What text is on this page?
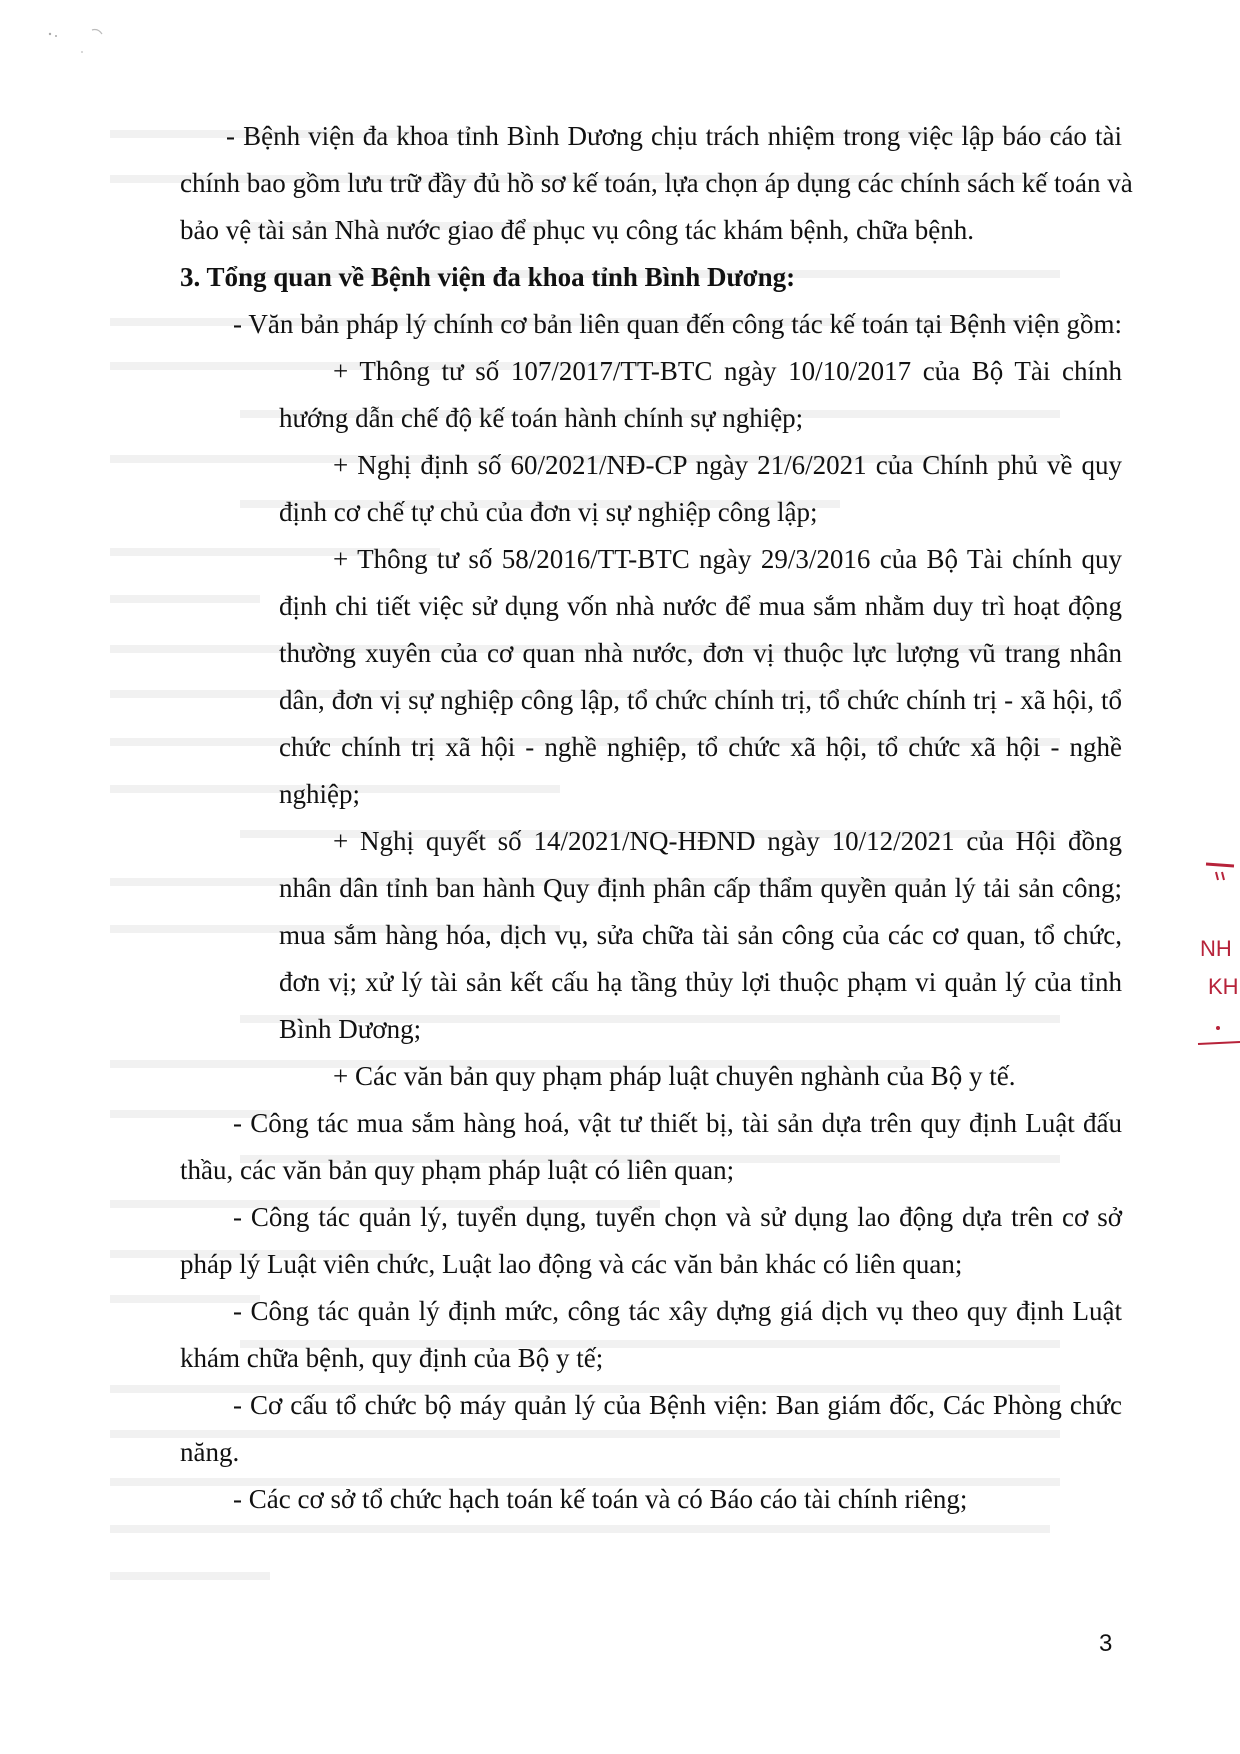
- Bệnh viện đa khoa tỉnh Bình Dương chịu trách nhiệm trong việc lập báo cáo tài
chính bao gồm lưu trữ đầy đủ hồ sơ kế toán, lựa chọn áp dụng các chính sách kế toán và
bảo vệ tài sản Nhà nước giao để phục vụ công tác khám bệnh, chữa bệnh.
3. Tổng quan về Bệnh viện đa khoa tỉnh Bình Dương:
- Văn bản pháp lý chính cơ bản liên quan đến công tác kế toán tại Bệnh viện gồm:
+ Thông tư số 107/2017/TT-BTC ngày 10/10/2017 của Bộ Tài chính
hướng dẫn chế độ kế toán hành chính sự nghiệp;
+ Nghị định số 60/2021/NĐ-CP ngày 21/6/2021 của Chính phủ về quy
định cơ chế tự chủ của đơn vị sự nghiệp công lập;
+ Thông tư số 58/2016/TT-BTC ngày 29/3/2016 của Bộ Tài chính quy
định chi tiết việc sử dụng vốn nhà nước để mua sắm nhằm duy trì hoạt động
thường xuyên của cơ quan nhà nước, đơn vị thuộc lực lượng vũ trang nhân
dân, đơn vị sự nghiệp công lập, tổ chức chính trị, tổ chức chính trị - xã hội, tổ
chức chính trị xã hội - nghề nghiệp, tổ chức xã hội, tổ chức xã hội - nghề
nghiệp;
+ Nghị quyết số 14/2021/NQ-HĐND ngày 10/12/2021 của Hội đồng
nhân dân tỉnh ban hành Quy định phân cấp thẩm quyền quản lý tải sản công;
mua sắm hàng hóa, dịch vụ, sửa chữa tài sản công của các cơ quan, tổ chức,
đơn vị; xử lý tài sản kết cấu hạ tầng thủy lợi thuộc phạm vi quản lý của tỉnh
Bình Dương;
+ Các văn bản quy phạm pháp luật chuyên nghành của Bộ y tế.
- Công tác mua sắm hàng hoá, vật tư thiết bị, tài sản dựa trên quy định Luật đấu
thầu, các văn bản quy phạm pháp luật có liên quan;
- Công tác quản lý, tuyển dụng, tuyển chọn và sử dụng lao động dựa trên cơ sở
pháp lý Luật viên chức, Luật lao động và các văn bản khác có liên quan;
- Công tác quản lý định mức, công tác xây dựng giá dịch vụ theo quy định Luật
khám chữa bệnh, quy định của Bộ y tế;
- Cơ cấu tổ chức bộ máy quản lý của Bệnh viện: Ban giám đốc, Các Phòng chức
năng.
- Các cơ sở tổ chức hạch toán kế toán và có Báo cáo tài chính riêng;
NH
KH
3
